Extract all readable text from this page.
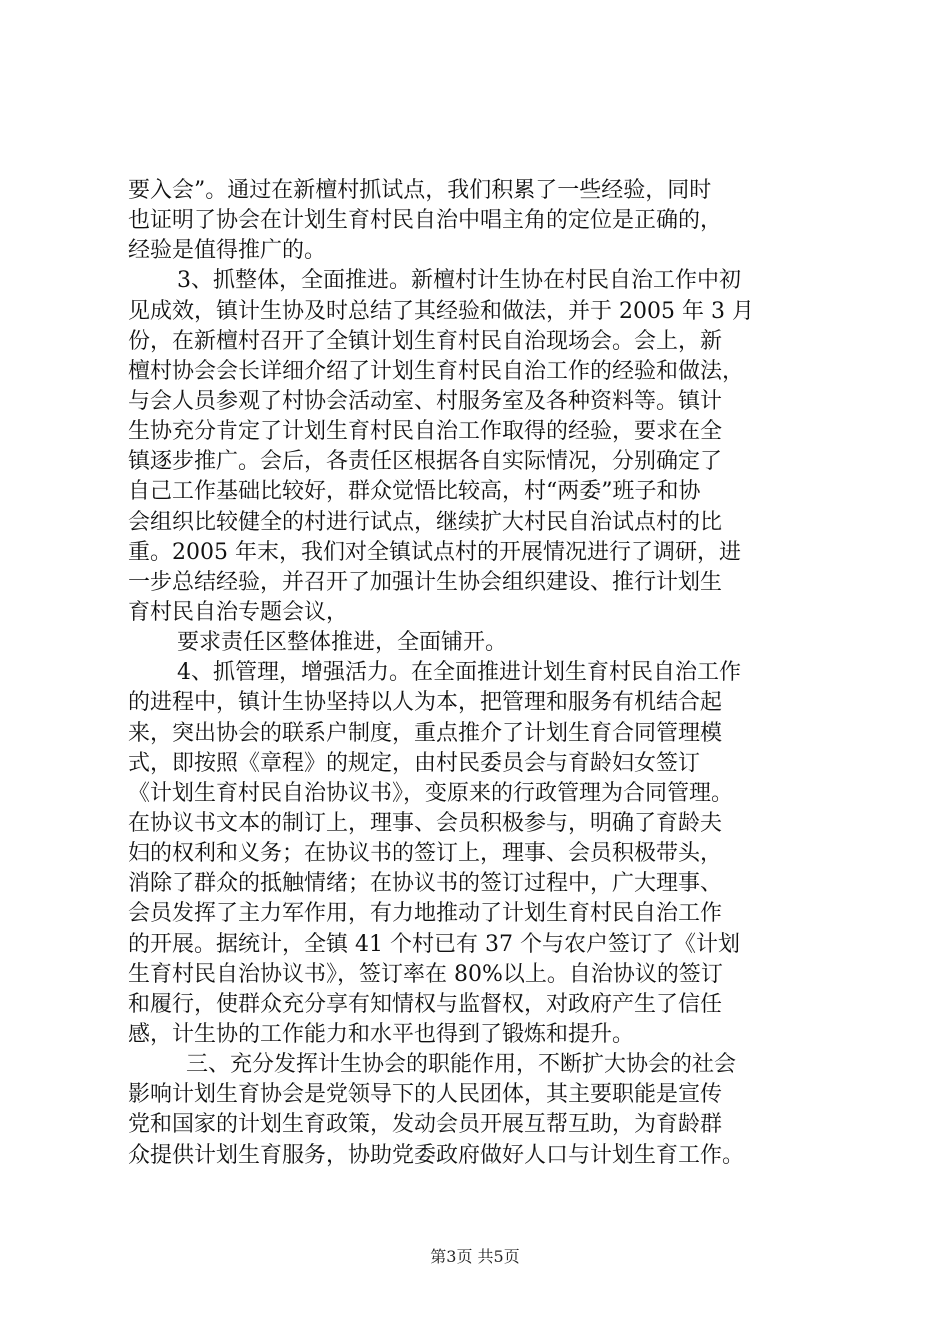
要入会”。通过在新檀村抓试点，我们积累了一些经验，同时
也证明了协会在计划生育村民自治中唱主角的定位是正确的，
经验是值得推广的。
3、抓整体，全面推进。新檀村计生协在村民自治工作中初
见成效，镇计生协及时总结了其经验和做法，并于 2005 年 3 月
份，在新檀村召开了全镇计划生育村民自治现场会。会上，新
檀村协会会长详细介绍了计划生育村民自治工作的经验和做法，
与会人员参观了村协会活动室、村服务室及各种资料等。镇计
生协充分肯定了计划生育村民自治工作取得的经验，要求在全
镇逐步推广。会后，各责任区根据各自实际情况，分别确定了
自己工作基础比较好，群众觉悟比较高，村“两委”班子和协
会组织比较健全的村进行试点，继续扩大村民自治试点村的比
重。2005 年末，我们对全镇试点村的开展情况进行了调研，进
一步总结经验，并召开了加强计生协会组织建设、推行计划生
育村民自治专题会议，
要求责任区整体推进，全面铺开。
4、抓管理，增强活力。在全面推进计划生育村民自治工作
的进程中，镇计生协坚持以人为本，把管理和服务有机结合起
来，突出协会的联系户制度，重点推介了计划生育合同管理模
式，即按照《章程》的规定，由村民委员会与育龄妇女签订
《计划生育村民自治协议书》，变原来的行政管理为合同管理。
在协议书文本的制订上，理事、会员积极参与，明确了育龄夫
妇的权利和义务；在协议书的签订上，理事、会员积极带头，
消除了群众的抵触情绪；在协议书的签订过程中，广大理事、
会员发挥了主力军作用，有力地推动了计划生育村民自治工作
的开展。据统计，全镇 41 个村已有 37 个与农户签订了《计划
生育村民自治协议书》，签订率在 80%以上。自治协议的签订
和履行，使群众充分享有知情权与监督权，对政府产生了信任
感，计生协的工作能力和水平也得到了锻炼和提升。
三、充分发挥计生协会的职能作用，不断扩大协会的社会
影响计划生育协会是党领导下的人民团体，其主要职能是宣传
党和国家的计划生育政策，发动会员开展互帮互助，为育龄群
众提供计划生育服务，协助党委政府做好人口与计划生育工作。
第3页 共5页
